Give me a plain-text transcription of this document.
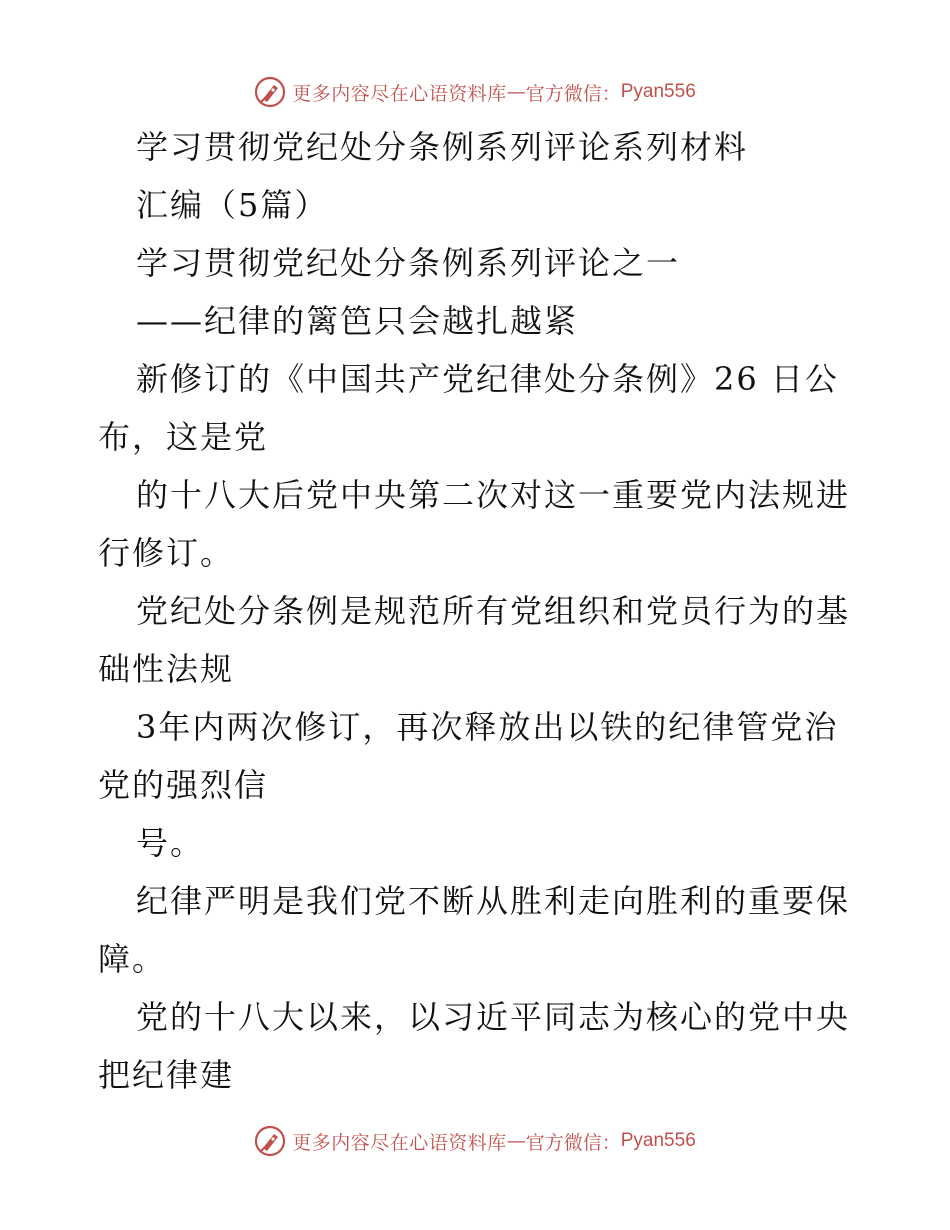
更多内容尽在心语资料库 — 官方微信： Pyan556
学习贯彻党纪处分条例系列评论系列材料
汇编（5篇）
学习贯彻党纪处分条例系列评论之一
——纪律的篱笆只会越扎越紧
新修订的《中国共产党纪律处分条例》26 日公
布，这是党
的十八大后党中央第二次对这一重要党内法规进
行修订。
党纪处分条例是规范所有党组织和党员行为的基
础性法规
3年内两次修订，再次释放出以铁的纪律管党治
党的强烈信
号。
纪律严明是我们党不断从胜利走向胜利的重要保
障。
党的十八大以来，以习近平同志为核心的党中央
把纪律建
更多内容尽在心语资料库 — 官方微信： Pyan556
